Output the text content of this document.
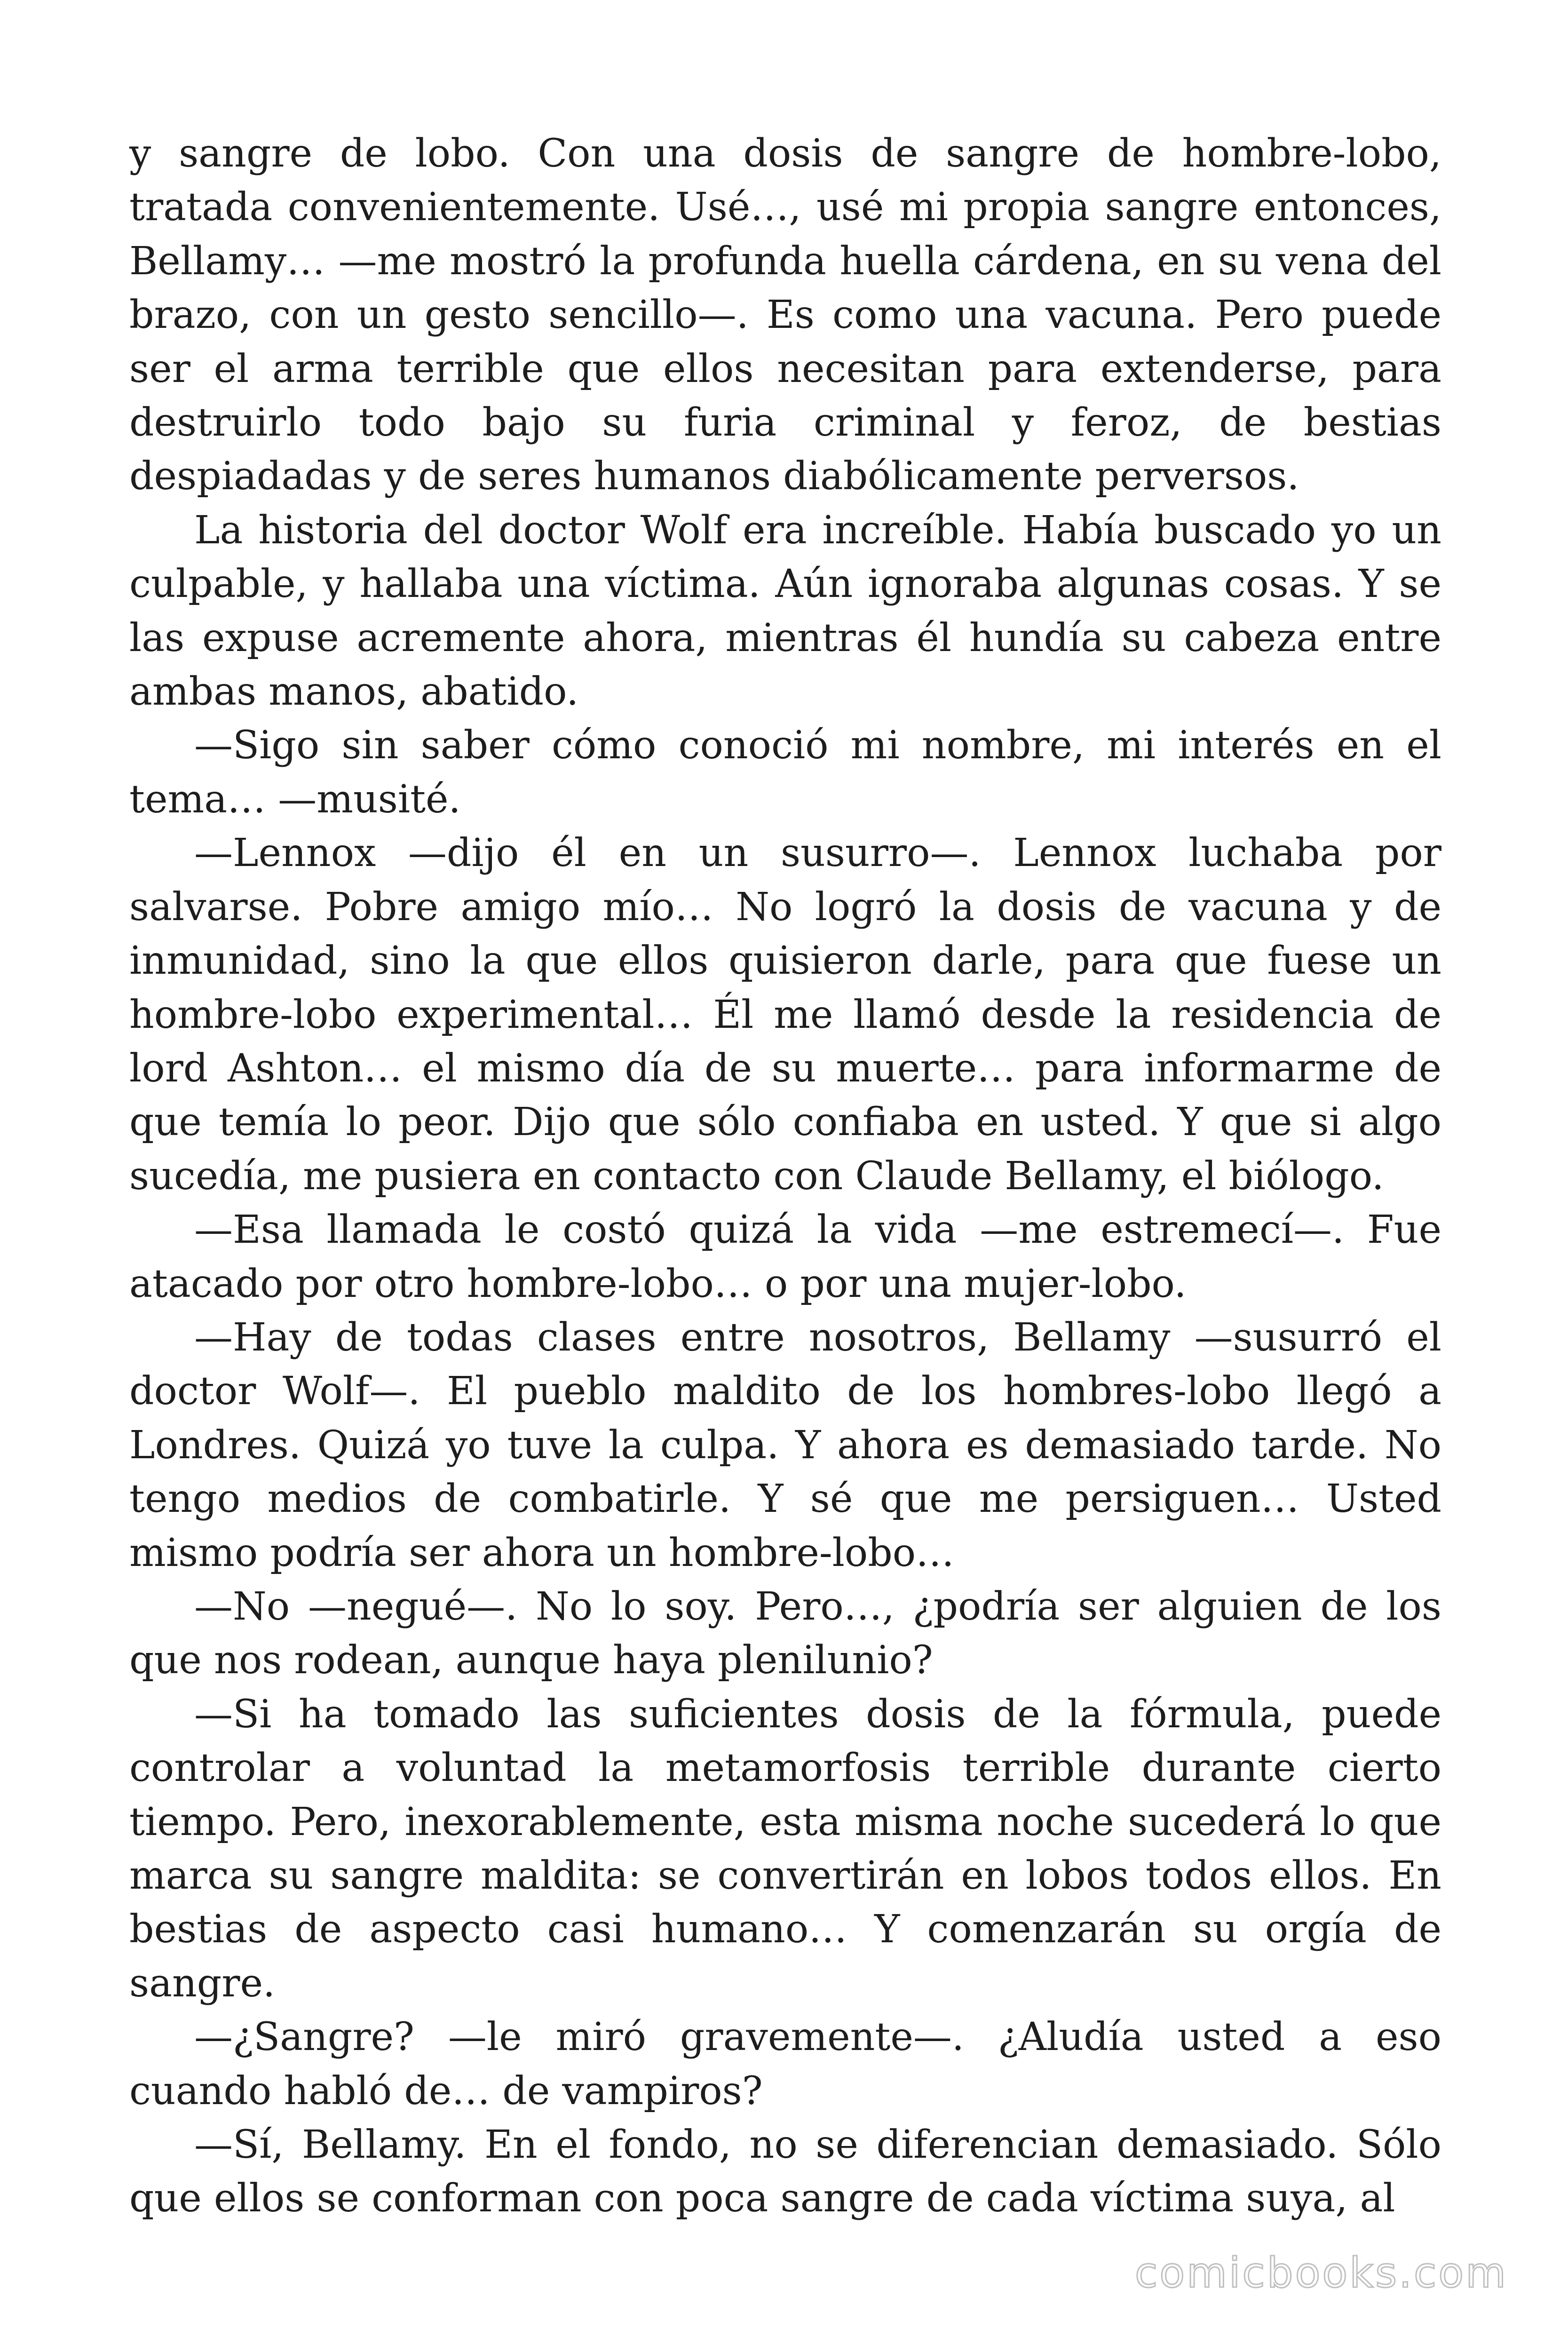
y sangre de lobo. Con una dosis de sangre de hombre-lobo, tratada convenientemente. Usé…, usé mi propia sangre entonces, Bellamy… —me mostró la profunda huella cárdena, en su vena del brazo, con un gesto sencillo—. Es como una vacuna. Pero puede ser el arma terrible que ellos necesitan para extenderse, para destruirlo todo bajo su furia criminal y feroz, de bestias despiadadas y de seres humanos diabólicamente perversos.

La historia del doctor Wolf era increíble. Había buscado yo un culpable, y hallaba una víctima. Aún ignoraba algunas cosas. Y se las expuse acremente ahora, mientras él hundía su cabeza entre ambas manos, abatido.

—Sigo sin saber cómo conoció mi nombre, mi interés en el tema… —musité.

—Lennox —dijo él en un susurro—. Lennox luchaba por salvarse. Pobre amigo mío… No logró la dosis de vacuna y de inmunidad, sino la que ellos quisieron darle, para que fuese un hombre-lobo experimental… Él me llamó desde la residencia de lord Ashton… el mismo día de su muerte… para informarme de que temía lo peor. Dijo que sólo confiaba en usted. Y que si algo sucedía, me pusiera en contacto con Claude Bellamy, el biólogo.

—Esa llamada le costó quizá la vida —me estremecí—. Fue atacado por otro hombre-lobo… o por una mujer-lobo.

—Hay de todas clases entre nosotros, Bellamy —susurró el doctor Wolf—. El pueblo maldito de los hombres-lobo llegó a Londres. Quizá yo tuve la culpa. Y ahora es demasiado tarde. No tengo medios de combatirle. Y sé que me persiguen… Usted mismo podría ser ahora un hombre-lobo…

—No —negué—. No lo soy. Pero…, ¿podría ser alguien de los que nos rodean, aunque haya plenilunio?

—Si ha tomado las suficientes dosis de la fórmula, puede controlar a voluntad la metamorfosis terrible durante cierto tiempo. Pero, inexorablemente, esta misma noche sucederá lo que marca su sangre maldita: se convertirán en lobos todos ellos. En bestias de aspecto casi humano… Y comenzarán su orgía de sangre.

—¿Sangre? —le miró gravemente—. ¿Aludía usted a eso cuando habló de… de vampiros?

—Sí, Bellamy. En el fondo, no se diferencian demasiado. Sólo que ellos se conforman con poca sangre de cada víctima suya, al

comicbooks.com
